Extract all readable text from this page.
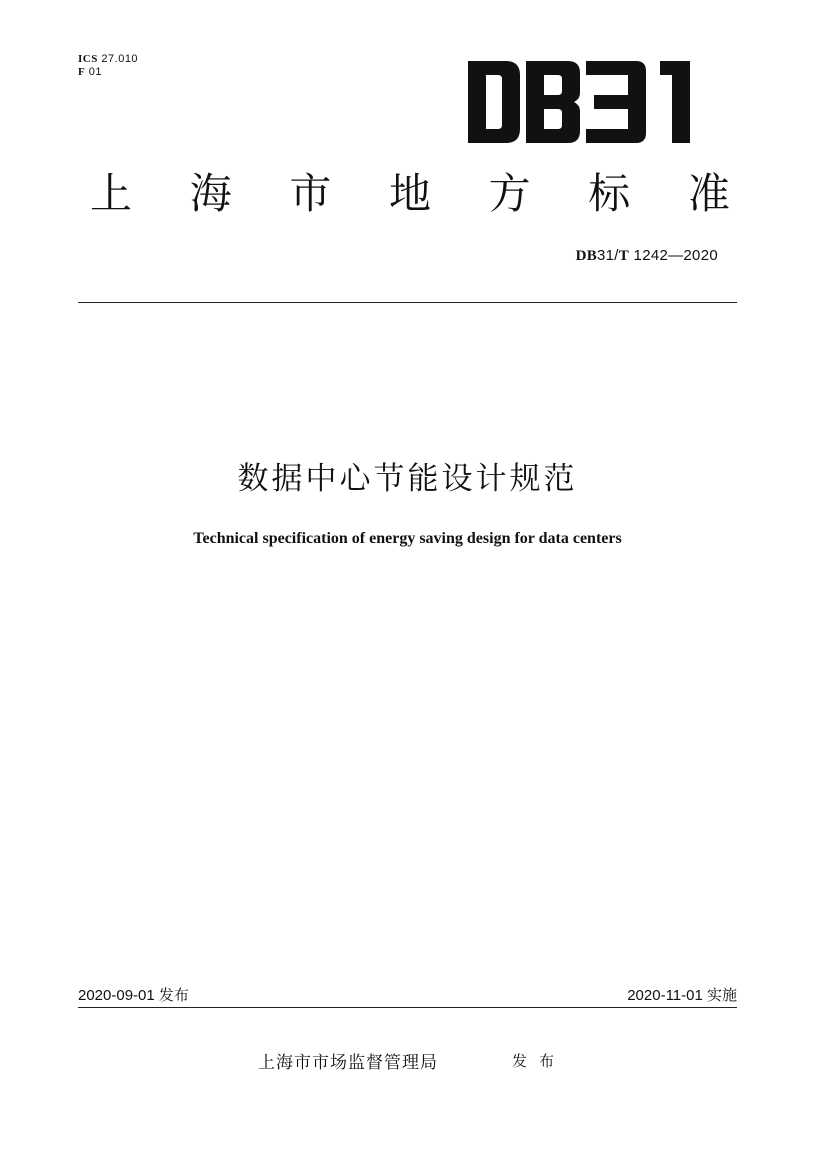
ICS 27.010
F 01
上 海 市 地 方 标 准
DB31/T 1242—2020
数据中心节能设计规范
Technical specification of energy saving design for data centers
2020-09-01 发布	2020-11-01 实施
上海市市场监督管理局	发布
